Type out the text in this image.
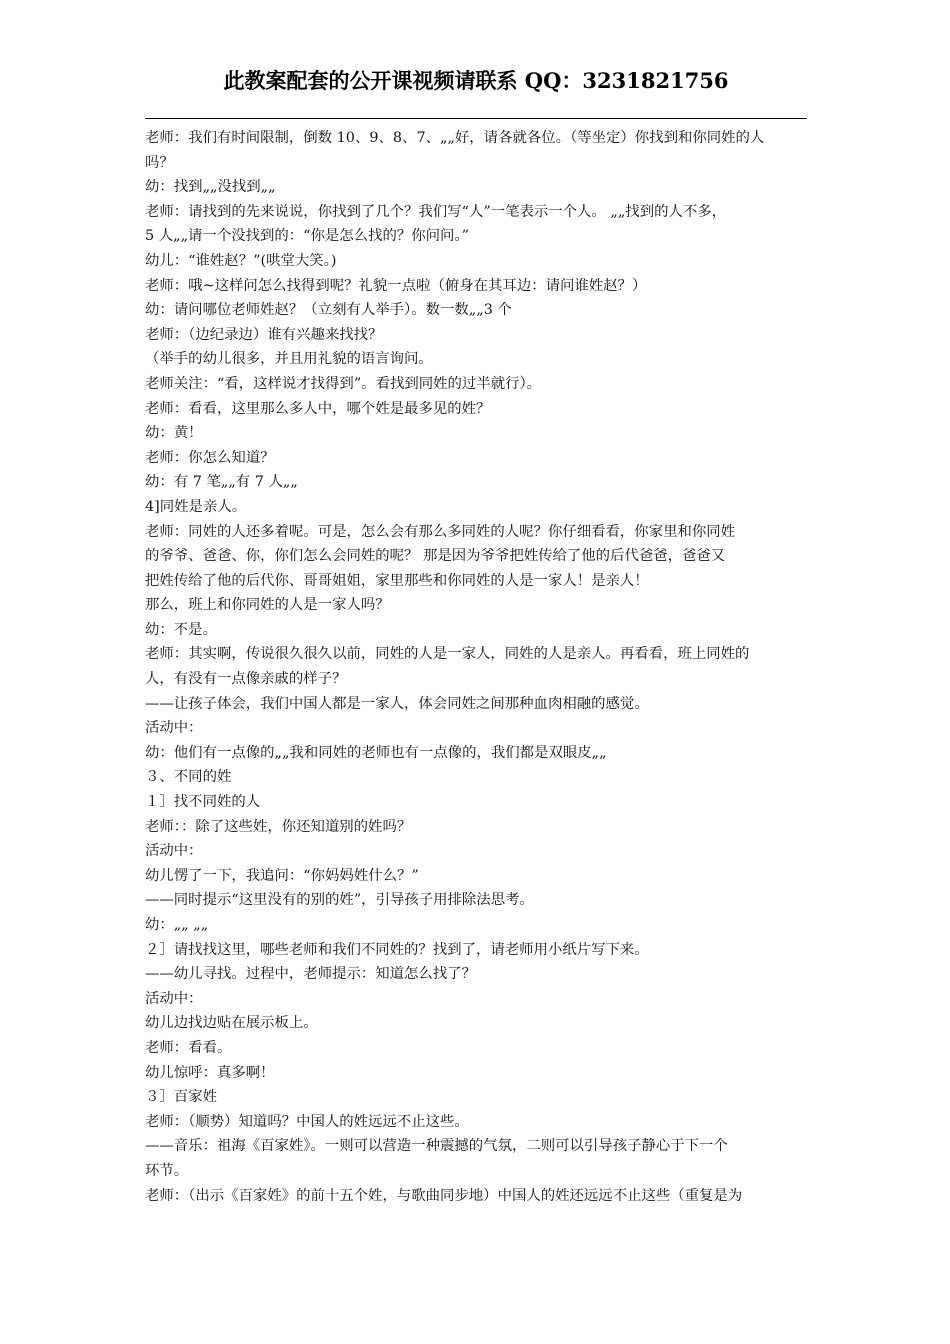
此教案配套的公开课视频请联系 QQ：3231821756
老师：我们有时间限制，倒数 10、9、8、7、„„好，请各就各位。（等坐定）你找到和你同姓的人
吗？
幼：找到„„没找到„„
老师：请找到的先来说说，你找到了几个？我们写“人”一笔表示一个人。 „„找到的人不多，
5 人„„请一个没找到的：“你是怎么找的？你问问。”
幼儿：“谁姓赵？”(哄堂大笑。)
老师：哦~这样问怎么找得到呢？礼貌一点啦（俯身在其耳边：请问谁姓赵？）
幼：请问哪位老师姓赵？（立刻有人举手）。数一数„„3 个
老师：（边纪录边）谁有兴趣来找找？
（举手的幼儿很多，并且用礼貌的语言询问。
老师关注：“看，这样说才找得到”。看找到同姓的过半就行）。
老师：看看，这里那么多人中，哪个姓是最多见的姓？
幼：黄！
老师：你怎么知道？
幼：有 7 笔„„有 7 人„„
4]同姓是亲人。
老师：同姓的人还多着呢。可是，怎么会有那么多同姓的人呢？你仔细看看，你家里和你同姓
的爷爷、爸爸、你，你们怎么会同姓的呢？ 那是因为爷爷把姓传给了他的后代爸爸，爸爸又
把姓传给了他的后代你、哥哥姐姐，家里那些和你同姓的人是一家人！是亲人！
那么，班上和你同姓的人是一家人吗？
幼：不是。
老师：其实啊，传说很久很久以前，同姓的人是一家人，同姓的人是亲人。再看看，班上同姓的
人，有没有一点像亲戚的样子？
——让孩子体会，我们中国人都是一家人，体会同姓之间那种血肉相融的感觉。
活动中：
幼：他们有一点像的„„我和同姓的老师也有一点像的，我们都是双眼皮„„
３、不同的姓
１］找不同姓的人
老师：：除了这些姓，你还知道别的姓吗？
活动中：
幼儿愣了一下，我追问：“你妈妈姓什么？”
——同时提示“这里没有的别的姓”，引导孩子用排除法思考。
幼：„„ „„
２］请找找这里，哪些老师和我们不同姓的？找到了，请老师用小纸片写下来。
——幼儿寻找。过程中，老师提示：知道怎么找了？
活动中：
幼儿边找边贴在展示板上。
老师：看看。
幼儿惊呼：真多啊！
３］百家姓
老师：（顺势）知道吗？中国人的姓远远不止这些。
——音乐：祖海《百家姓》。一则可以营造一种震撼的气氛，二则可以引导孩子静心于下一个
环节。
老师：（出示《百家姓》的前十五个姓，与歌曲同步地）中国人的姓还远远不止这些（重复是为
